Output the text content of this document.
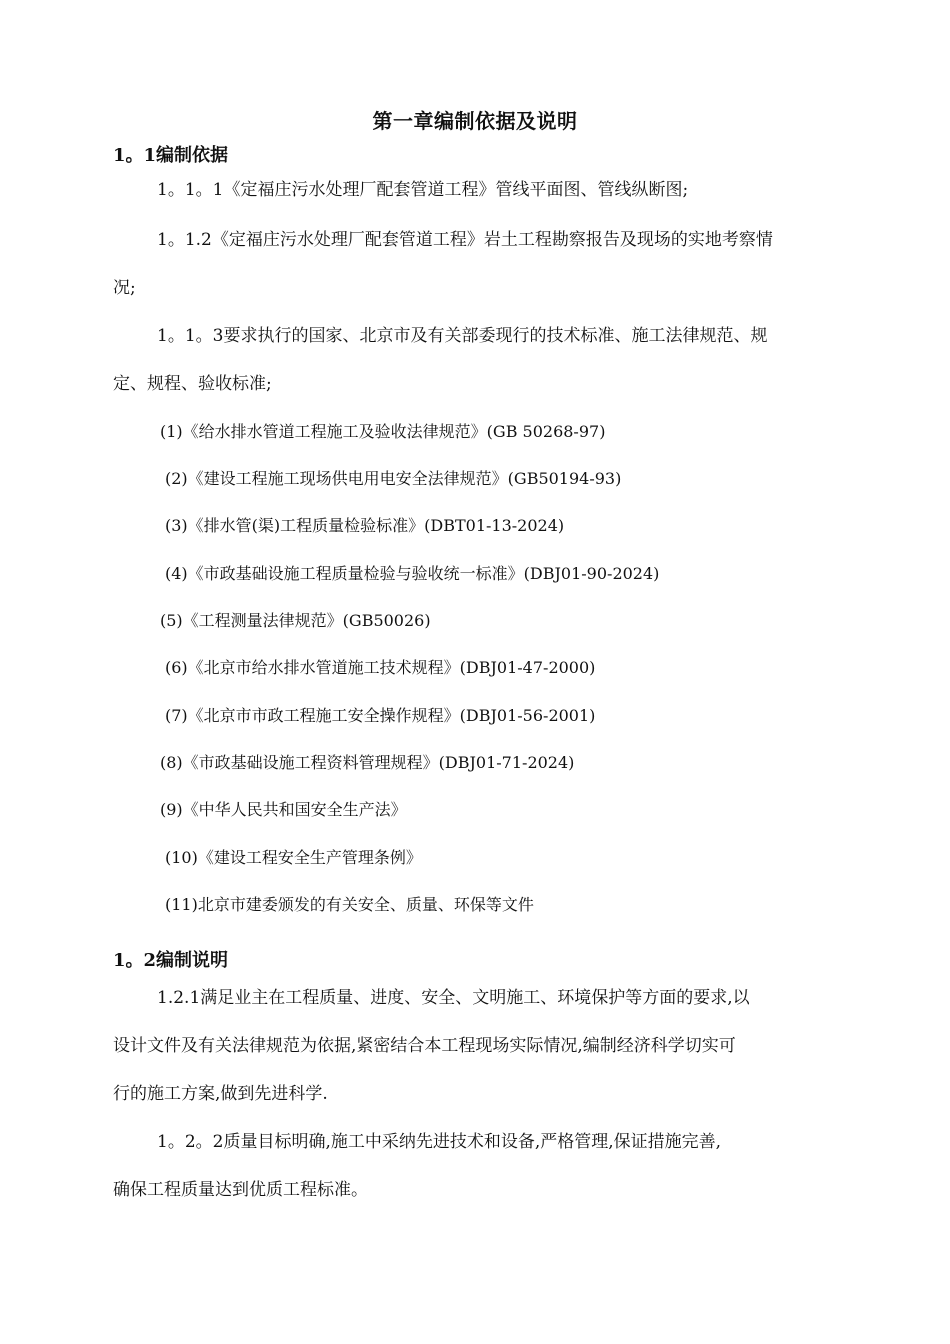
第一章编制依据及说明
1。1编制依据
1。1。1《定福庄污水处理厂配套管道工程》管线平面图、管线纵断图;
1。1.2《定福庄污水处理厂配套管道工程》岩土工程勘察报告及现场的实地考察情
况;
1。1。3要求执行的国家、北京市及有关部委现行的技术标准、施工法律规范、规
定、规程、验收标准;
(1)《给水排水管道工程施工及验收法律规范》(GB 50268-97)
(2)《建设工程施工现场供电用电安全法律规范》(GB50194-93)
(3)《排水管(渠)工程质量检验标准》(DBT01-13-2024)
(4)《市政基础设施工程质量检验与验收统一标准》(DBJ01-90-2024)
(5)《工程测量法律规范》(GB50026)
(6)《北京市给水排水管道施工技术规程》(DBJ01-47-2000)
(7)《北京市市政工程施工安全操作规程》(DBJ01-56-2001)
(8)《市政基础设施工程资料管理规程》(DBJ01-71-2024)
(9)《中华人民共和国安全生产法》
(10)《建设工程安全生产管理条例》
(11)北京市建委颁发的有关安全、质量、环保等文件
1。2编制说明
1.2.1满足业主在工程质量、进度、安全、文明施工、环境保护等方面的要求,以
设计文件及有关法律规范为依据,紧密结合本工程现场实际情况,编制经济科学切实可
行的施工方案,做到先进科学.
1。2。2质量目标明确,施工中采纳先进技术和设备,严格管理,保证措施完善,
确保工程质量达到优质工程标准。
